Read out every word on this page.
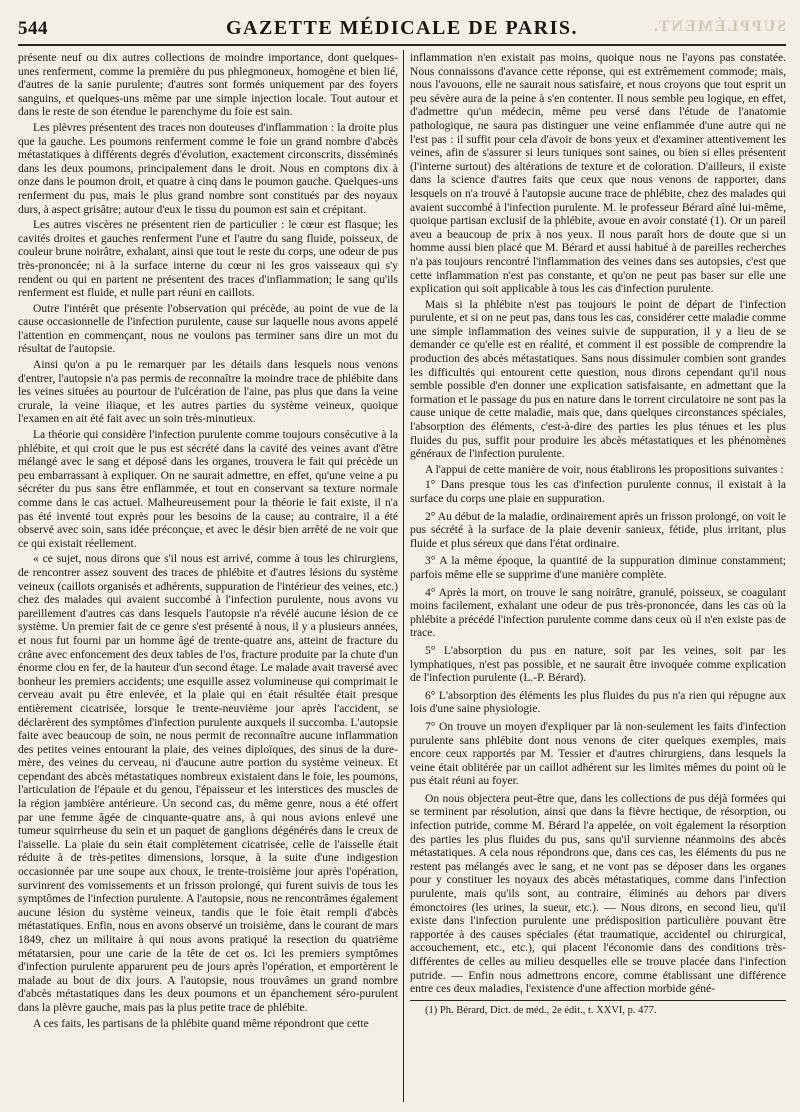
544	GAZETTE MÉDICALE DE PARIS.	SUPPLÉMENT.

présente neuf ou dix autres collections de moindre importance, dont quelques-unes renferment, comme la première du pus phlegmoneux, homogène et bien lié, d'autres de la sanie purulente; d'autres sont formés uniquement par des foyers sanguins, et quelques-uns même par une simple injection locale. Tout autour et dans le reste de son étendue le parenchyme du foie est sain.

Les plèvres présentent des traces non douteuses d'inflammation : la droite plus que la gauche. Les poumons renferment comme le foie un grand nombre d'abcès métastatiques à différents degrés d'évolution, exactement circonscrits, disséminés dans les deux poumons, principalement dans le droit. Nous en comptons dix à onze dans le poumon droit, et quatre à cinq dans le poumon gauche. Quelques-uns renferment du pus, mais le plus grand nombre sont constitués par des noyaux durs, à aspect grisâtre; autour d'eux le tissu du poumon est sain et crépitant.

Les autres viscères ne présentent rien de particulier : le cœur est flasque; les cavités droites et gauches renferment l'une et l'autre du sang fluide, poisseux, de couleur brune noirâtre, exhalant, ainsi que tout le reste du corps, une odeur de pus très-prononcée; ni à la surface interne du cœur ni les gros vaisseaux qui s'y rendent ou qui en partent ne présentent des traces d'inflammation; le sang qu'ils renferment est fluide, et nulle part réuni en caillots.

Outre l'intérêt que présente l'observation qui précède, au point de vue de la cause occasionnelle de l'infection purulente, cause sur laquelle nous avons appelé l'attention en commençant, nous ne voulons pas terminer sans dire un mot du résultat de l'autopsie.

Ainsi qu'on a pu le remarquer par les détails dans lesquels nous venons d'entrer, l'autopsie n'a pas permis de reconnaître la moindre trace de phlébite dans les veines situées au pourtour de l'ulcération de l'aine, pas plus que dans la veine crurale, la veine iliaque, et les autres parties du système veineux, quoique l'examen en ait été fait avec un soin très-minutieux.

La théorie qui considère l'infection purulente comme toujours consécutive à la phlébite, et qui croit que le pus est sécrété dans la cavité des veines avant d'être mélangé avec le sang et déposé dans les organes, trouvera le fait qui précède un peu embarrassant à expliquer. On ne saurait admettre, en effet, qu'une veine a pu sécréter du pus sans être enflammée, et tout en conservant sa texture normale comme dans le cas actuel. Malheureusement pour la théorie le fait existe, il n'a pas été inventé tout exprès pour les besoins de la cause; au contraire, il a été observé avec soin, sans idée préconçue, et avec le désir bien arrêté de ne voir que ce qui existait réellement.

« ce sujet, nous dirons que s'il nous est arrivé, comme à tous les chirurgiens, de rencontrer assez souvent des traces de phlébite et d'autres lésions du système veineux (caillots organisés et adhérents, suppuration de l'intérieur des veines, etc.) chez des malades qui avaient succombé à l'infection purulente, nous avons vu pareillement d'autres cas dans lesquels l'autopsie n'a révélé aucune lésion de ce système. Un premier fait de ce genre s'est présenté à nous, il y a plusieurs années, et nous fut fourni par un homme âgé de trente-quatre ans, atteint de fracture du crâne avec enfoncement des deux tables de l'os, fracture produite par la chute d'un énorme clou en fer, de la hauteur d'un second étage. Le malade avait traversé avec bonheur les premiers accidents; une esquille assez volumineuse qui comprimait le cerveau avait pu être enlevée, et la plaie qui en était résultée était presque entièrement cicatrisée, lorsque le trente-neuvième jour après l'accident, se déclarèrent des symptômes d'infection purulente auxquels il succomba. L'autopsie faite avec beaucoup de soin, ne nous permit de reconnaître aucune inflammation des petites veines entourant la plaie, des veines diploïques, des sinus de la dure-mère, des veines du cerveau, ni d'aucune autre portion du système veineux. Et cependant des abcès métastatiques nombreux existaient dans le foie, les poumons, l'articulation de l'épaule et du genou, l'épaisseur et les interstices des muscles de la région jambière antérieure. Un second cas, du même genre, nous a été offert par une femme âgée de cinquante-quatre ans, à qui nous avions enlevé une tumeur squirrheuse du sein et un paquet de ganglions dégénérés dans le creux de l'aisselle. La plaie du sein était complètement cicatrisée, celle de l'aisselle était réduite à de très-petites dimensions, lorsque, à la suite d'une indigestion occasionnée par une soupe aux choux, le trente-troisième jour après l'opération, survinrent des vomissements et un frisson prolongé, qui furent suivis de tous les symptômes de l'infection purulente. A l'autopsie, nous ne rencontrâmes également aucune lésion du système veineux, tandis que le foie était rempli d'abcès métastatiques. Enfin, nous en avons observé un troisième, dans le courant de mars 1849, chez un militaire à qui nous avons pratiqué la resection du quatrième métatarsien, pour une carie de la tête de cet os. Ici les premiers symptômes d'infection purulente apparurent peu de jours après l'opération, et emportèrent le malade au bout de dix jours. A l'autopsie, nous trouvâmes un grand nombre d'abcès métastatiques dans les deux poumons et un épanchement séro-purulent dans la plèvre gauche, mais pas la plus petite trace de phlébite.

A ces faits, les partisans de la phlébite quand même répondront que cette

inflammation n'en existait pas moins, quoique nous ne l'ayons pas constatée. Nous connaissons d'avance cette réponse, qui est extrêmement commode; mais, nous l'avouons, elle ne saurait nous satisfaire, et nous croyons que tout esprit un peu sévère aura de la peine à s'en contenter. Il nous semble peu logique, en effet, d'admettre qu'un médecin, même peu versé dans l'étude de l'anatomie pathologique, ne saura pas distinguer une veine enflammée d'une autre qui ne l'est pas : il suffit pour cela d'avoir de bons yeux et d'examiner attentivement les veines, afin de s'assurer si leurs tuniques sont saines, ou bien si elles présentent (l'interne surtout) des altérations de texture et de coloration. D'ailleurs, il existe dans la science d'autres faits que ceux que nous venons de rapporter, dans lesquels on n'a trouvé à l'autopsie aucune trace de phlébite, chez des malades qui avaient succombé à l'infection purulente. M. le professeur Bérard aîné lui-même, quoique partisan exclusif de la phlébite, avoue en avoir constaté (1). Or un pareil aveu a beaucoup de prix à nos yeux. Il nous paraît hors de doute que si un homme aussi bien placé que M. Bérard et aussi habitué à de pareilles recherches n'a pas toujours rencontré l'inflammation des veines dans ses autopsies, c'est que cette inflammation n'est pas constante, et qu'on ne peut pas baser sur elle une explication qui soit applicable à tous les cas d'infection purulente.

Mais si la phlébite n'est pas toujours le point de départ de l'infection purulente, et si on ne peut pas, dans tous les cas, considérer cette maladie comme une simple inflammation des veines suivie de suppuration, il y a lieu de se demander ce qu'elle est en réalité, et comment il est possible de comprendre la production des abcès métastatiques. Sans nous dissimuler combien sont grandes les difficultés qui entourent cette question, nous dirons cependant qu'il nous semble possible d'en donner une explication satisfaisante, en admettant que la formation et le passage du pus en nature dans le torrent circulatoire ne sont pas la cause unique de cette maladie, mais que, dans quelques circonstances spéciales, l'absorption des éléments, c'est-à-dire des parties les plus ténues et les plus fluides du pus, suffit pour produire les abcès métastatiques et les phénomènes généraux de l'infection purulente.

A l'appui de cette manière de voir, nous établirons les propositions suivantes :

1° Dans presque tous les cas d'infection purulente connus, il existait à la surface du corps une plaie en suppuration.

2° Au début de la maladie, ordinairement après un frisson prolongé, on voit le pus sécrété à la surface de la plaie devenir sanieux, fétide, plus irritant, plus fluide et plus séreux que dans l'état ordinaire.

3° A la même époque, la quantité de la suppuration diminue constamment; parfois même elle se supprime d'une manière complète.

4° Après la mort, on trouve le sang noirâtre, granulé, poisseux, se coagulant moins facilement, exhalant une odeur de pus très-prononcée, dans les cas où la phlébite a précédé l'infection purulente comme dans ceux où il n'en existe pas de trace.

5° L'absorption du pus en nature, soit par les veines, soit par les lymphatiques, n'est pas possible, et ne saurait être invoquée comme explication de l'infection purulente (L.-P. Bérard).

6° L'absorption des éléments les plus fluides du pus n'a rien qui répugne aux lois d'une saine physiologie.

7° On trouve un moyen d'expliquer par là non-seulement les faits d'infection purulente sans phlébite dont nous venons de citer quelques exemples, mais encore ceux rapportés par M. Tessier et d'autres chirurgiens, dans lesquels la veine était oblitérée par un caillot adhérent sur les limites mêmes du point où le pus était réuni au foyer.

On nous objectera peut-être que, dans les collections de pus déjà formées qui se terminent par résolution, ainsi que dans la fièvre hectique, de résorption, ou infection putride, comme M. Bérard l'a appelée, on voit également la résorption des parties les plus fluides du pus, sans qu'il survienne néanmoins des abcès métastatiques. A cela nous répondrons que, dans ces cas, les éléments du pus ne restent pas mélangés avec le sang, et ne vont pas se déposer dans les organes pour y constituer les noyaux des abcès métastatiques, comme dans l'infection purulente, mais qu'ils sont, au contraire, éliminés au dehors par divers émonctoires (les urines, la sueur, etc.). — Nous dirons, en second lieu, qu'il existe dans l'infection purulente une prédisposition particulière pouvant être rapportée à des causes spéciales (état traumatique, accidentel ou chirurgical, accouchement, etc., etc.), qui placent l'économie dans des conditions très-différentes de celles au milieu desquelles elle se trouve placée dans l'infection putride. — Enfin nous admettrons encore, comme établissant une différence entre ces deux maladies, l'existence d'une affection morbide géné-

(1) Ph. Bérard, Dict. de méd., 2e édit., t. XXVI, p. 477.
